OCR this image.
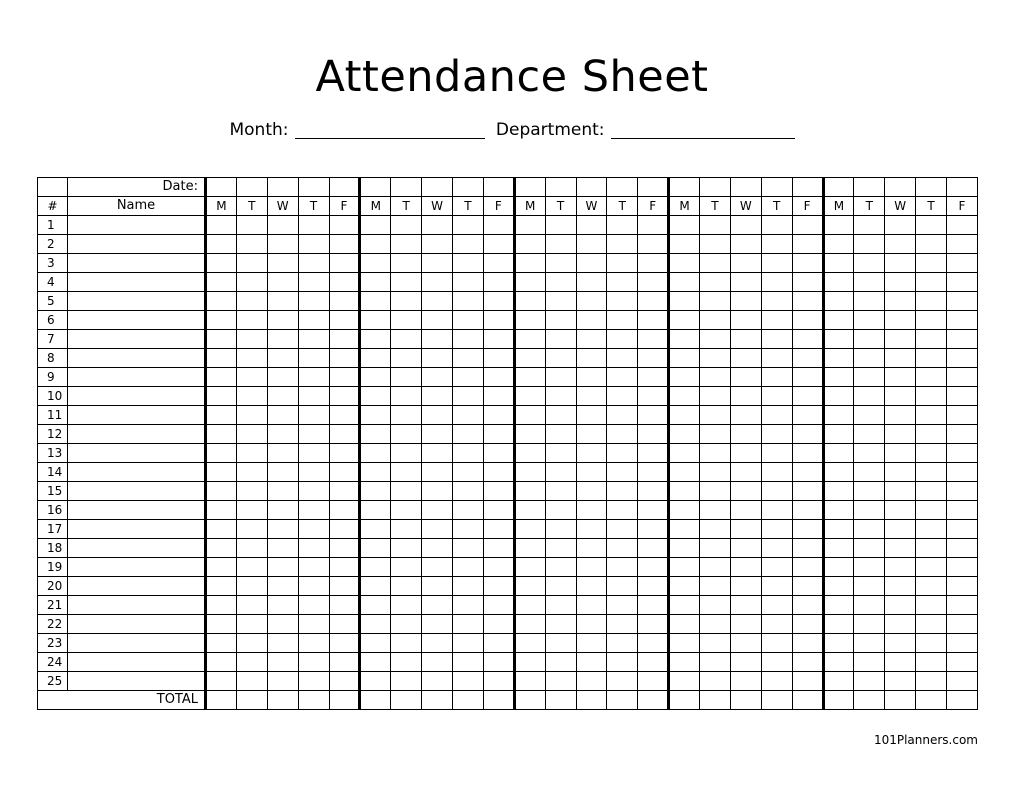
Attendance Sheet
Month:	Department:
	Date:																									
#	Name	M	T	W	T	F	M	T	W	T	F	M	T	W	T	F	M	T	W	T	F	M	T	W	T	F
1																										
2																										
3																										
4																										
5																										
6																										
7																										
8																										
9																										
10																										
11																										
12																										
13																										
14																										
15																										
16																										
17																										
18																										
19																										
20																										
21																										
22																										
23																										
24																										
25																										
TOTAL																										
101Planners.com
